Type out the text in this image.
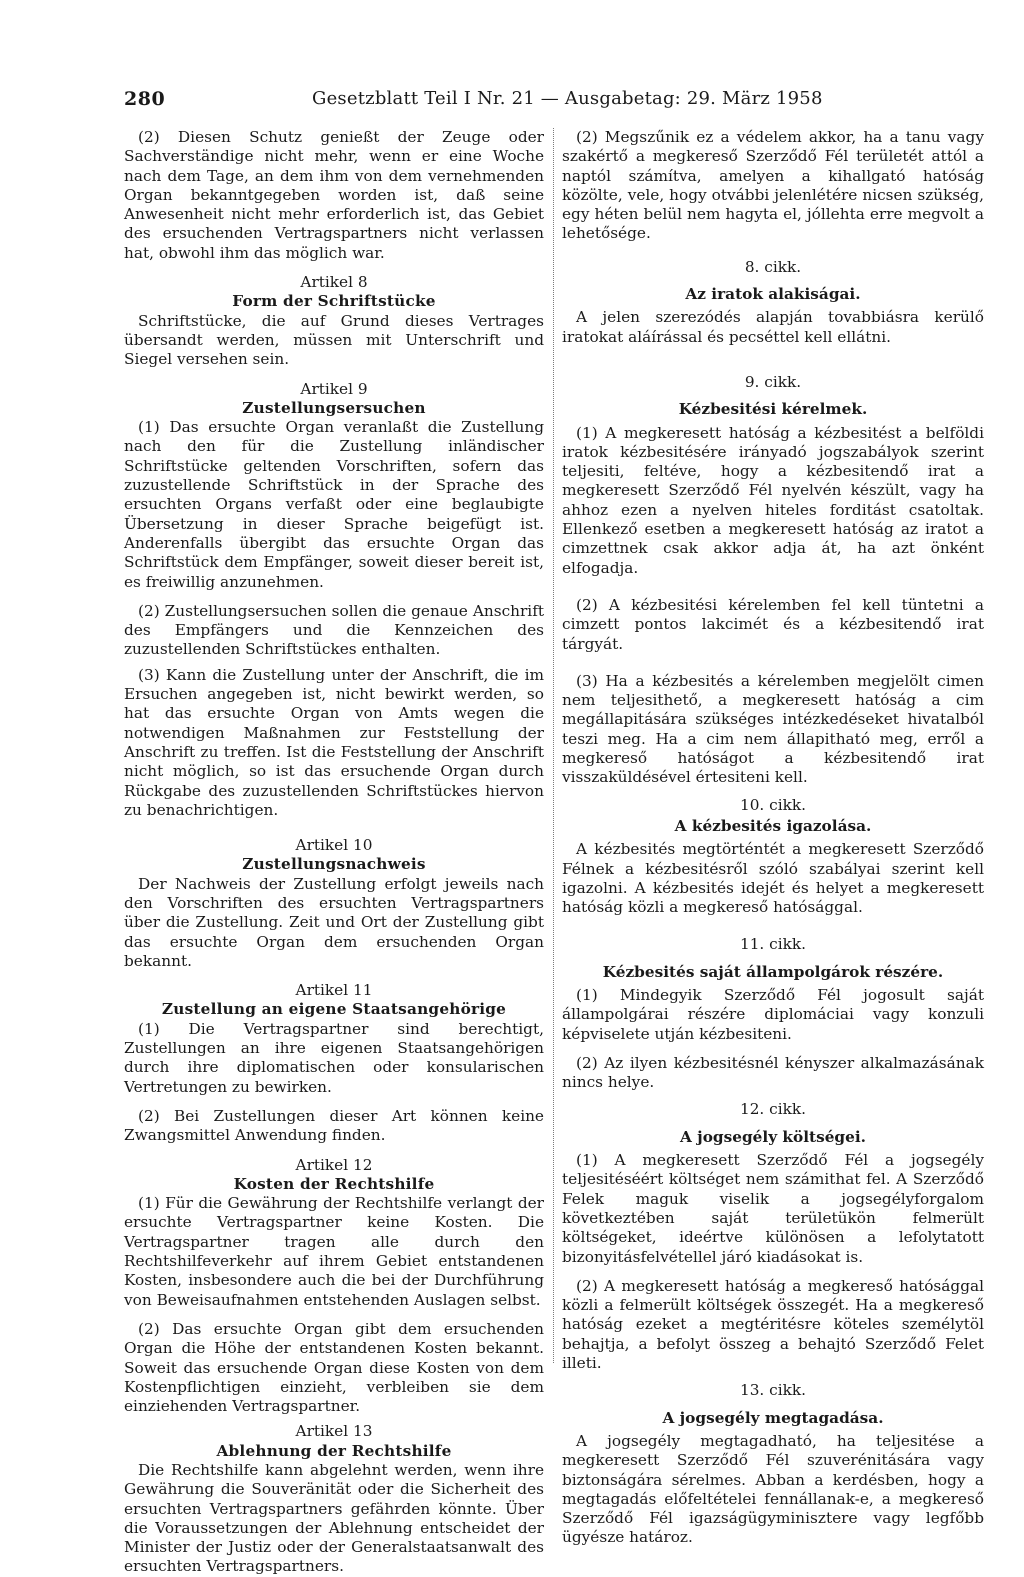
280	Gesetzblatt Teil I Nr. 21 — Ausgabetag: 29. März 1958

(2) Diesen Schutz genießt der Zeuge oder Sachverständige nicht mehr, wenn er eine Woche nach dem Tage, an dem ihm von dem vernehmenden Organ bekanntgegeben worden ist, daß seine Anwesenheit nicht mehr erforderlich ist, das Gebiet des ersuchenden Vertragspartners nicht verlassen hat, obwohl ihm das möglich war.

Artikel 8

Form der Schriftstücke

Schriftstücke, die auf Grund dieses Vertrages übersandt werden, müssen mit Unterschrift und Siegel versehen sein.

Artikel 9

Zustellungsersuchen

(1) Das ersuchte Organ veranlaßt die Zustellung nach den für die Zustellung inländischer Schriftstücke geltenden Vorschriften, sofern das zuzustellende Schriftstück in der Sprache des ersuchten Organs verfaßt oder eine beglaubigte Übersetzung in dieser Sprache beigefügt ist. Anderenfalls übergibt das ersuchte Organ das Schriftstück dem Empfänger, soweit dieser bereit ist, es freiwillig anzunehmen.

(2) Zustellungsersuchen sollen die genaue Anschrift des Empfängers und die Kennzeichen des zuzustellenden Schriftstückes enthalten.

(3) Kann die Zustellung unter der Anschrift, die im Ersuchen angegeben ist, nicht bewirkt werden, so hat das ersuchte Organ von Amts wegen die notwendigen Maßnahmen zur Feststellung der Anschrift zu treffen. Ist die Feststellung der Anschrift nicht möglich, so ist das ersuchende Organ durch Rückgabe des zuzustellenden Schriftstückes hiervon zu benachrichtigen.

Artikel 10

Zustellungsnachweis

Der Nachweis der Zustellung erfolgt jeweils nach den Vorschriften des ersuchten Vertragspartners über die Zustellung. Zeit und Ort der Zustellung gibt das ersuchte Organ dem ersuchenden Organ bekannt.

Artikel 11

Zustellung an eigene Staatsangehörige

(1) Die Vertragspartner sind berechtigt, Zustellungen an ihre eigenen Staatsangehörigen durch ihre diplomatischen oder konsularischen Vertretungen zu bewirken.

(2) Bei Zustellungen dieser Art können keine Zwangsmittel Anwendung finden.

Artikel 12

Kosten der Rechtshilfe

(1) Für die Gewährung der Rechtshilfe verlangt der ersuchte Vertragspartner keine Kosten. Die Vertragspartner tragen alle durch den Rechtshilfeverkehr auf ihrem Gebiet entstandenen Kosten, insbesondere auch die bei der Durchführung von Beweisaufnahmen entstehenden Auslagen selbst.

(2) Das ersuchte Organ gibt dem ersuchenden Organ die Höhe der entstandenen Kosten bekannt. Soweit das ersuchende Organ diese Kosten von dem Kostenpflichtigen einzieht, verbleiben sie dem einziehenden Vertragspartner.

Artikel 13

Ablehnung der Rechtshilfe

Die Rechtshilfe kann abgelehnt werden, wenn ihre Gewährung die Souveränität oder die Sicherheit des ersuchten Vertragspartners gefährden könnte. Über die Voraussetzungen der Ablehnung entscheidet der Minister der Justiz oder der Generalstaatsanwalt des ersuchten Vertragspartners.

(2) Megszűnik ez a védelem akkor, ha a tanu vagy szakértő a megkereső Szerződő Fél területét attól a naptól számítva, amelyen a kihallgató hatóság közölte, vele, hogy otvábbi jelenlétére nicsen szükség, egy héten belül nem hagyta el, jóllehta erre megvolt a lehetősége.

8. cikk.

Az iratok alakiságai.

A jelen szerezódés alapján tovabbiásra kerülő iratokat aláírással és pecséttel kell ellátni.

9. cikk.

Kézbesitési kérelmek.

(1) A megkeresett hatóság a kézbesitést a belföldi iratok kézbesitésére irányadó jogszabályok szerint teljesiti, feltéve, hogy a kézbesitendő irat a megkeresett Szerződő Fél nyelvén készült, vagy ha ahhoz ezen a nyelven hiteles forditást csatoltak. Ellenkező esetben a megkeresett hatóság az iratot a cimzettnek csak akkor adja át, ha azt önként elfogadja.

(2) A kézbesitési kérelemben fel kell tüntetni a cimzett pontos lakcimét és a kézbesitendő irat tárgyát.

(3) Ha a kézbesités a kérelemben megjelölt cimen nem teljesithető, a megkeresett hatóság a cim megállapitására szükséges intézkedéseket hivatalból teszi meg. Ha a cim nem állapitható meg, erről a megkereső hatóságot a kézbesitendő irat visszaküldésével értesiteni kell.

10. cikk.

A kézbesités igazolása.

A kézbesités megtörténtét a megkeresett Szerződő Félnek a kézbesitésről szóló szabályai szerint kell igazolni. A kézbesités idejét és helyet a megkeresett hatóság közli a megkereső hatósággal.

11. cikk.

Kézbesités saját állampolgárok részére.

(1) Mindegyik Szerződő Fél jogosult saját állampolgárai részére diplomáciai vagy konzuli képviselete utján kézbesiteni.

(2) Az ilyen kézbesitésnél kényszer alkalmazásának nincs helye.

12. cikk.

A jogsegély költségei.

(1) A megkeresett Szerződő Fél a jogsegély teljesitéséért költséget nem számithat fel. A Szerződő Felek maguk viselik a jogsegélyforgalom következtében saját területükön felmerült költségeket, ideértve különösen a lefolytatott bizonyitásfelvétellel járó kiadásokat is.

(2) A megkeresett hatóság a megkereső hatósággal közli a felmerült költségek összegét. Ha a megkereső hatóság ezeket a megtéritésre köteles személytöl behajtja, a befolyt összeg a behajtó Szerződő Felet illeti.

13. cikk.

A jogsegély megtagadása.

A jogsegély megtagadható, ha teljesitése a megkeresett Szerződő Fél szuverénitására vagy biztonságára sérelmes. Abban a kerdésben, hogy a megtagadás előfeltételei fennállanak-e, a megkereső Szerződő Fél igazságügyminisztere vagy legfőbb ügyésze határoz.
